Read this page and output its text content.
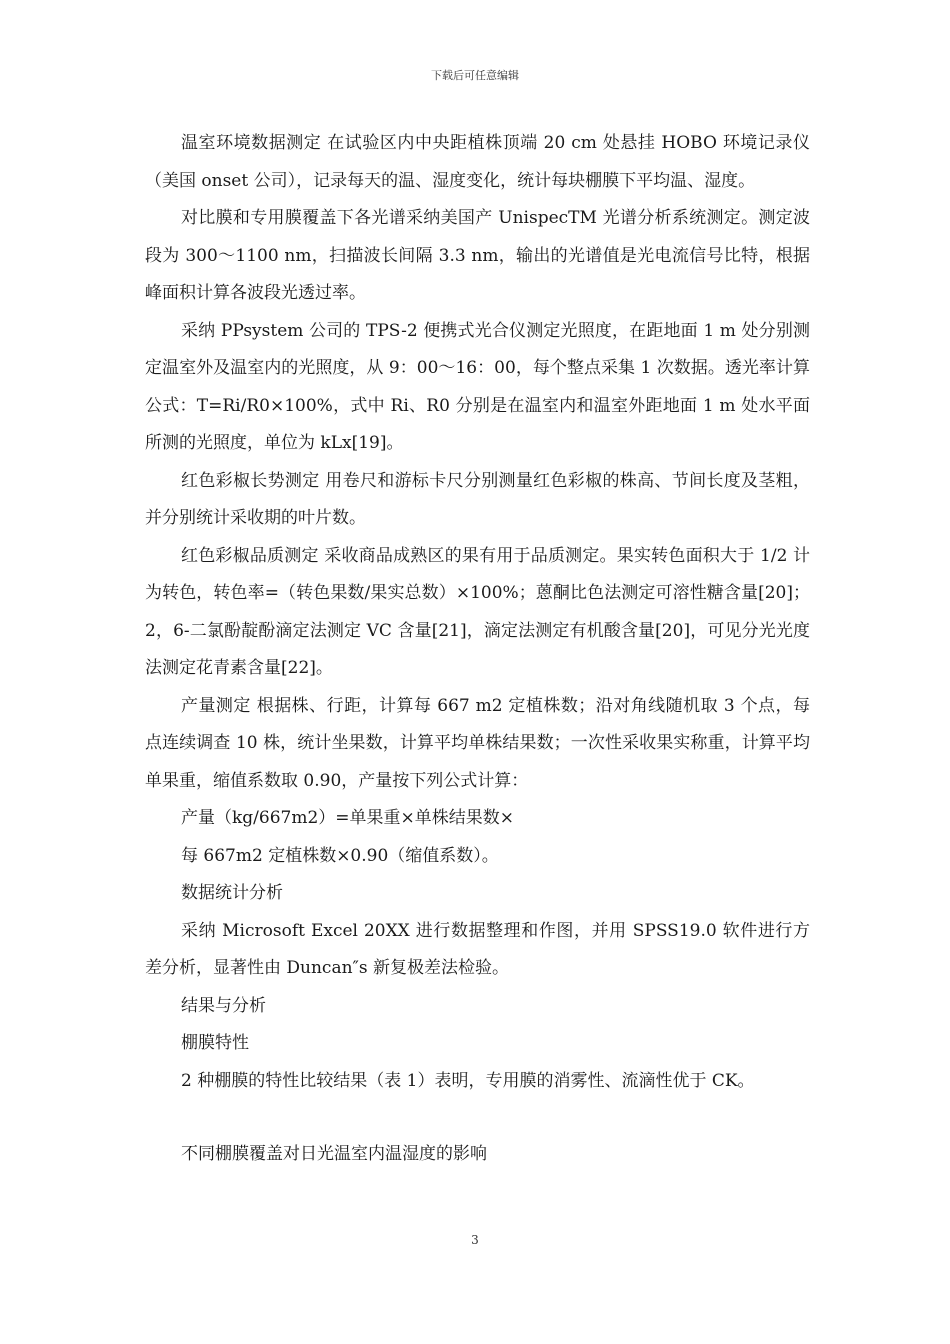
下载后可任意编辑

温室环境数据测定 在试验区内中央距植株顶端 20 cm 处悬挂 HOBO 环境记录仪（美国 onset 公司），记录每天的温、湿度变化，统计每块棚膜下平均温、湿度。

对比膜和专用膜覆盖下各光谱采纳美国产 UnispecTM 光谱分析系统测定。测定波段为 300～1100 nm，扫描波长间隔 3.3 nm，输出的光谱值是光电流信号比特，根据峰面积计算各波段光透过率。

采纳 PPsystem 公司的 TPS-2 便携式光合仪测定光照度，在距地面 1 m 处分别测定温室外及温室内的光照度，从 9：00～16：00，每个整点采集 1 次数据。透光率计算公式：T=Ri/R0×100%，式中 Ri、R0 分别是在温室内和温室外距地面 1 m 处水平面所测的光照度，单位为 kLx[19]。

红色彩椒长势测定 用卷尺和游标卡尺分别测量红色彩椒的株高、节间长度及茎粗，并分别统计采收期的叶片数。

红色彩椒品质测定 采收商品成熟区的果有用于品质测定。果实转色面积大于 1/2 计为转色，转色率=（转色果数/果实总数）×100%；蒽酮比色法测定可溶性糖含量[20]；2，6-二氯酚靛酚滴定法测定 VC 含量[21]，滴定法测定有机酸含量[20]，可见分光光度法测定花青素含量[22]。

产量测定 根据株、行距，计算每 667 m2 定植株数；沿对角线随机取 3 个点，每点连续调查 10 株，统计坐果数，计算平均单株结果数；一次性采收果实称重，计算平均单果重，缩值系数取 0.90，产量按下列公式计算：

产量（kg/667m2）=单果重×单株结果数×

每 667m2 定植株数×0.90（缩值系数）。

数据统计分析

采纳 Microsoft Excel 20XX 进行数据整理和作图，并用 SPSS19.0 软件进行方差分析，显著性由 Duncan″s 新复极差法检验。

结果与分析

棚膜特性

2 种棚膜的特性比较结果（表 1）表明，专用膜的消雾性、流滴性优于 CK。

不同棚膜覆盖对日光温室内温湿度的影响

3
